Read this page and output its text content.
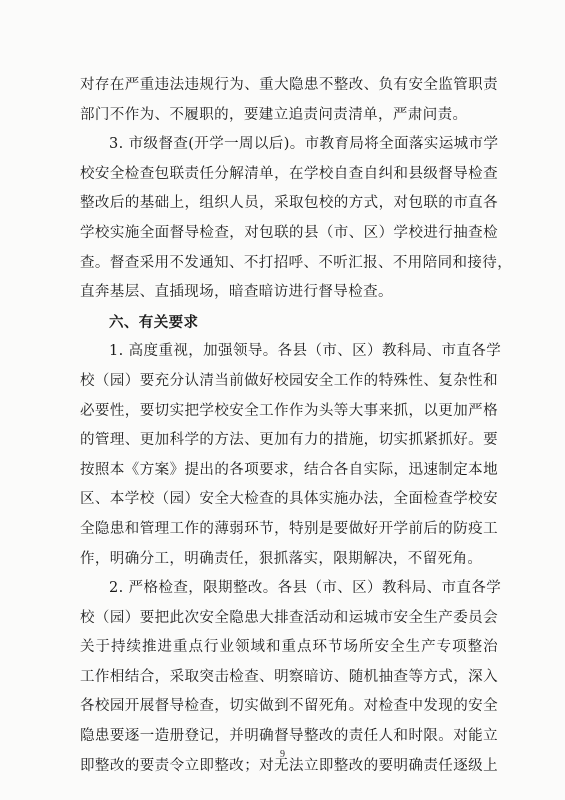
对存在严重违法违规行为、重大隐患不整改、负有安全监管职责
部门不作为、不履职的，要建立追责问责清单，严肃问责。

3. 市级督查(开学一周以后)。市教育局将全面落实运城市学
校安全检查包联责任分解清单，在学校自查自纠和县级督导检查
整改后的基础上，组织人员，采取包校的方式，对包联的市直各
学校实施全面督导检查，对包联的县（市、区）学校进行抽查检
查。督查采用不发通知、不打招呼、不听汇报、不用陪同和接待，
直奔基层、直插现场，暗查暗访进行督导检查。

六、有关要求

1. 高度重视，加强领导。各县（市、区）教科局、市直各学
校（园）要充分认清当前做好校园安全工作的特殊性、复杂性和
必要性，要切实把学校安全工作作为头等大事来抓，以更加严格
的管理、更加科学的方法、更加有力的措施，切实抓紧抓好。要
按照本《方案》提出的各项要求，结合各自实际，迅速制定本地
区、本学校（园）安全大检查的具体实施办法，全面检查学校安
全隐患和管理工作的薄弱环节，特别是要做好开学前后的防疫工
作，明确分工，明确责任，狠抓落实，限期解决，不留死角。

2. 严格检查，限期整改。各县（市、区）教科局、市直各学
校（园）要把此次安全隐患大排查活动和运城市安全生产委员会
关于持续推进重点行业领域和重点环节场所安全生产专项整治
工作相结合，采取突击检查、明察暗访、随机抽查等方式，深入
各校园开展督导检查，切实做到不留死角。对检查中发现的安全
隐患要逐一造册登记，并明确督导整改的责任人和时限。对能立
即整改的要责令立即整改；对无法立即整改的要明确责任逐级上

9
